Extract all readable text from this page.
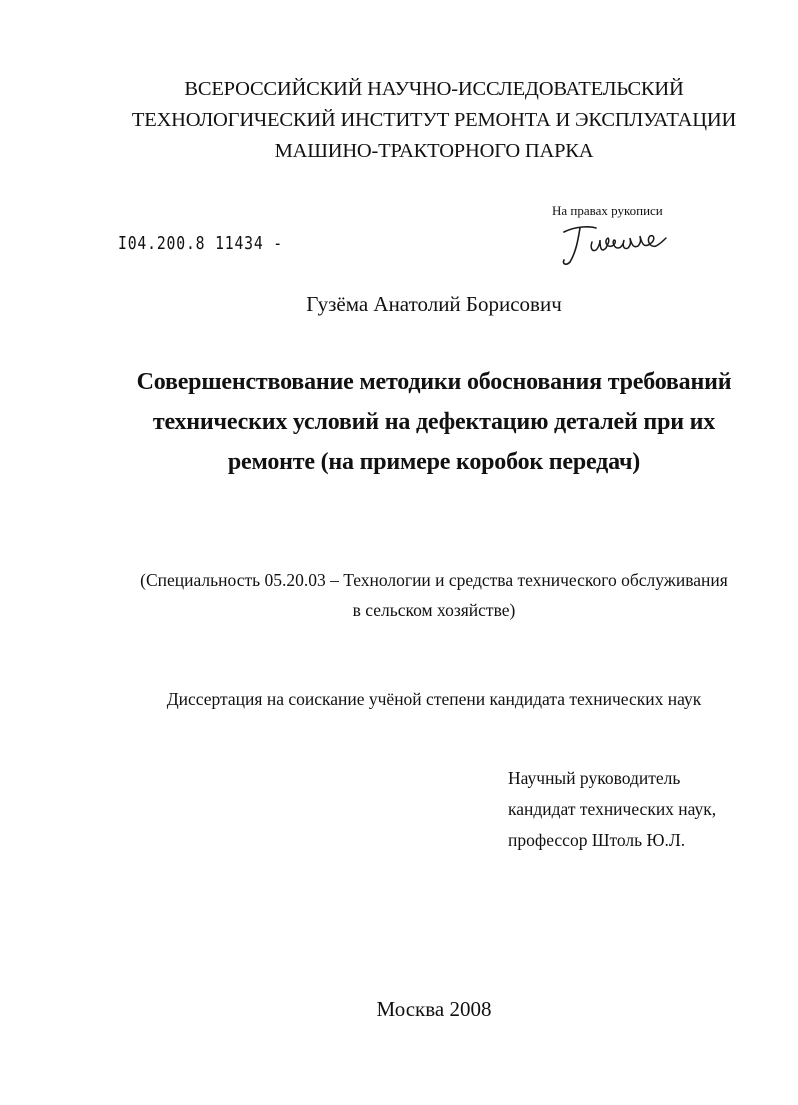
ВСЕРОССИЙСКИЙ НАУЧНО-ИССЛЕДОВАТЕЛЬСКИЙ
ТЕХНОЛОГИЧЕСКИЙ ИНСТИТУТ РЕМОНТА И ЭКСПЛУАТАЦИИ
МАШИНО-ТРАКТОРНОГО ПАРКА
На правах рукописи
I04.200.8 11434 -
Гузёма Анатолий Борисович
Совершенствование методики обоснования требований
технических условий на дефектацию деталей при их
ремонте (на примере коробок передач)
(Специальность 05.20.03 – Технологии и средства технического обслуживания
в сельском хозяйстве)
Диссертация на соискание учёной степени кандидата технических наук
Научный руководитель
кандидат технических наук,
профессор Штоль Ю.Л.
Москва 2008
